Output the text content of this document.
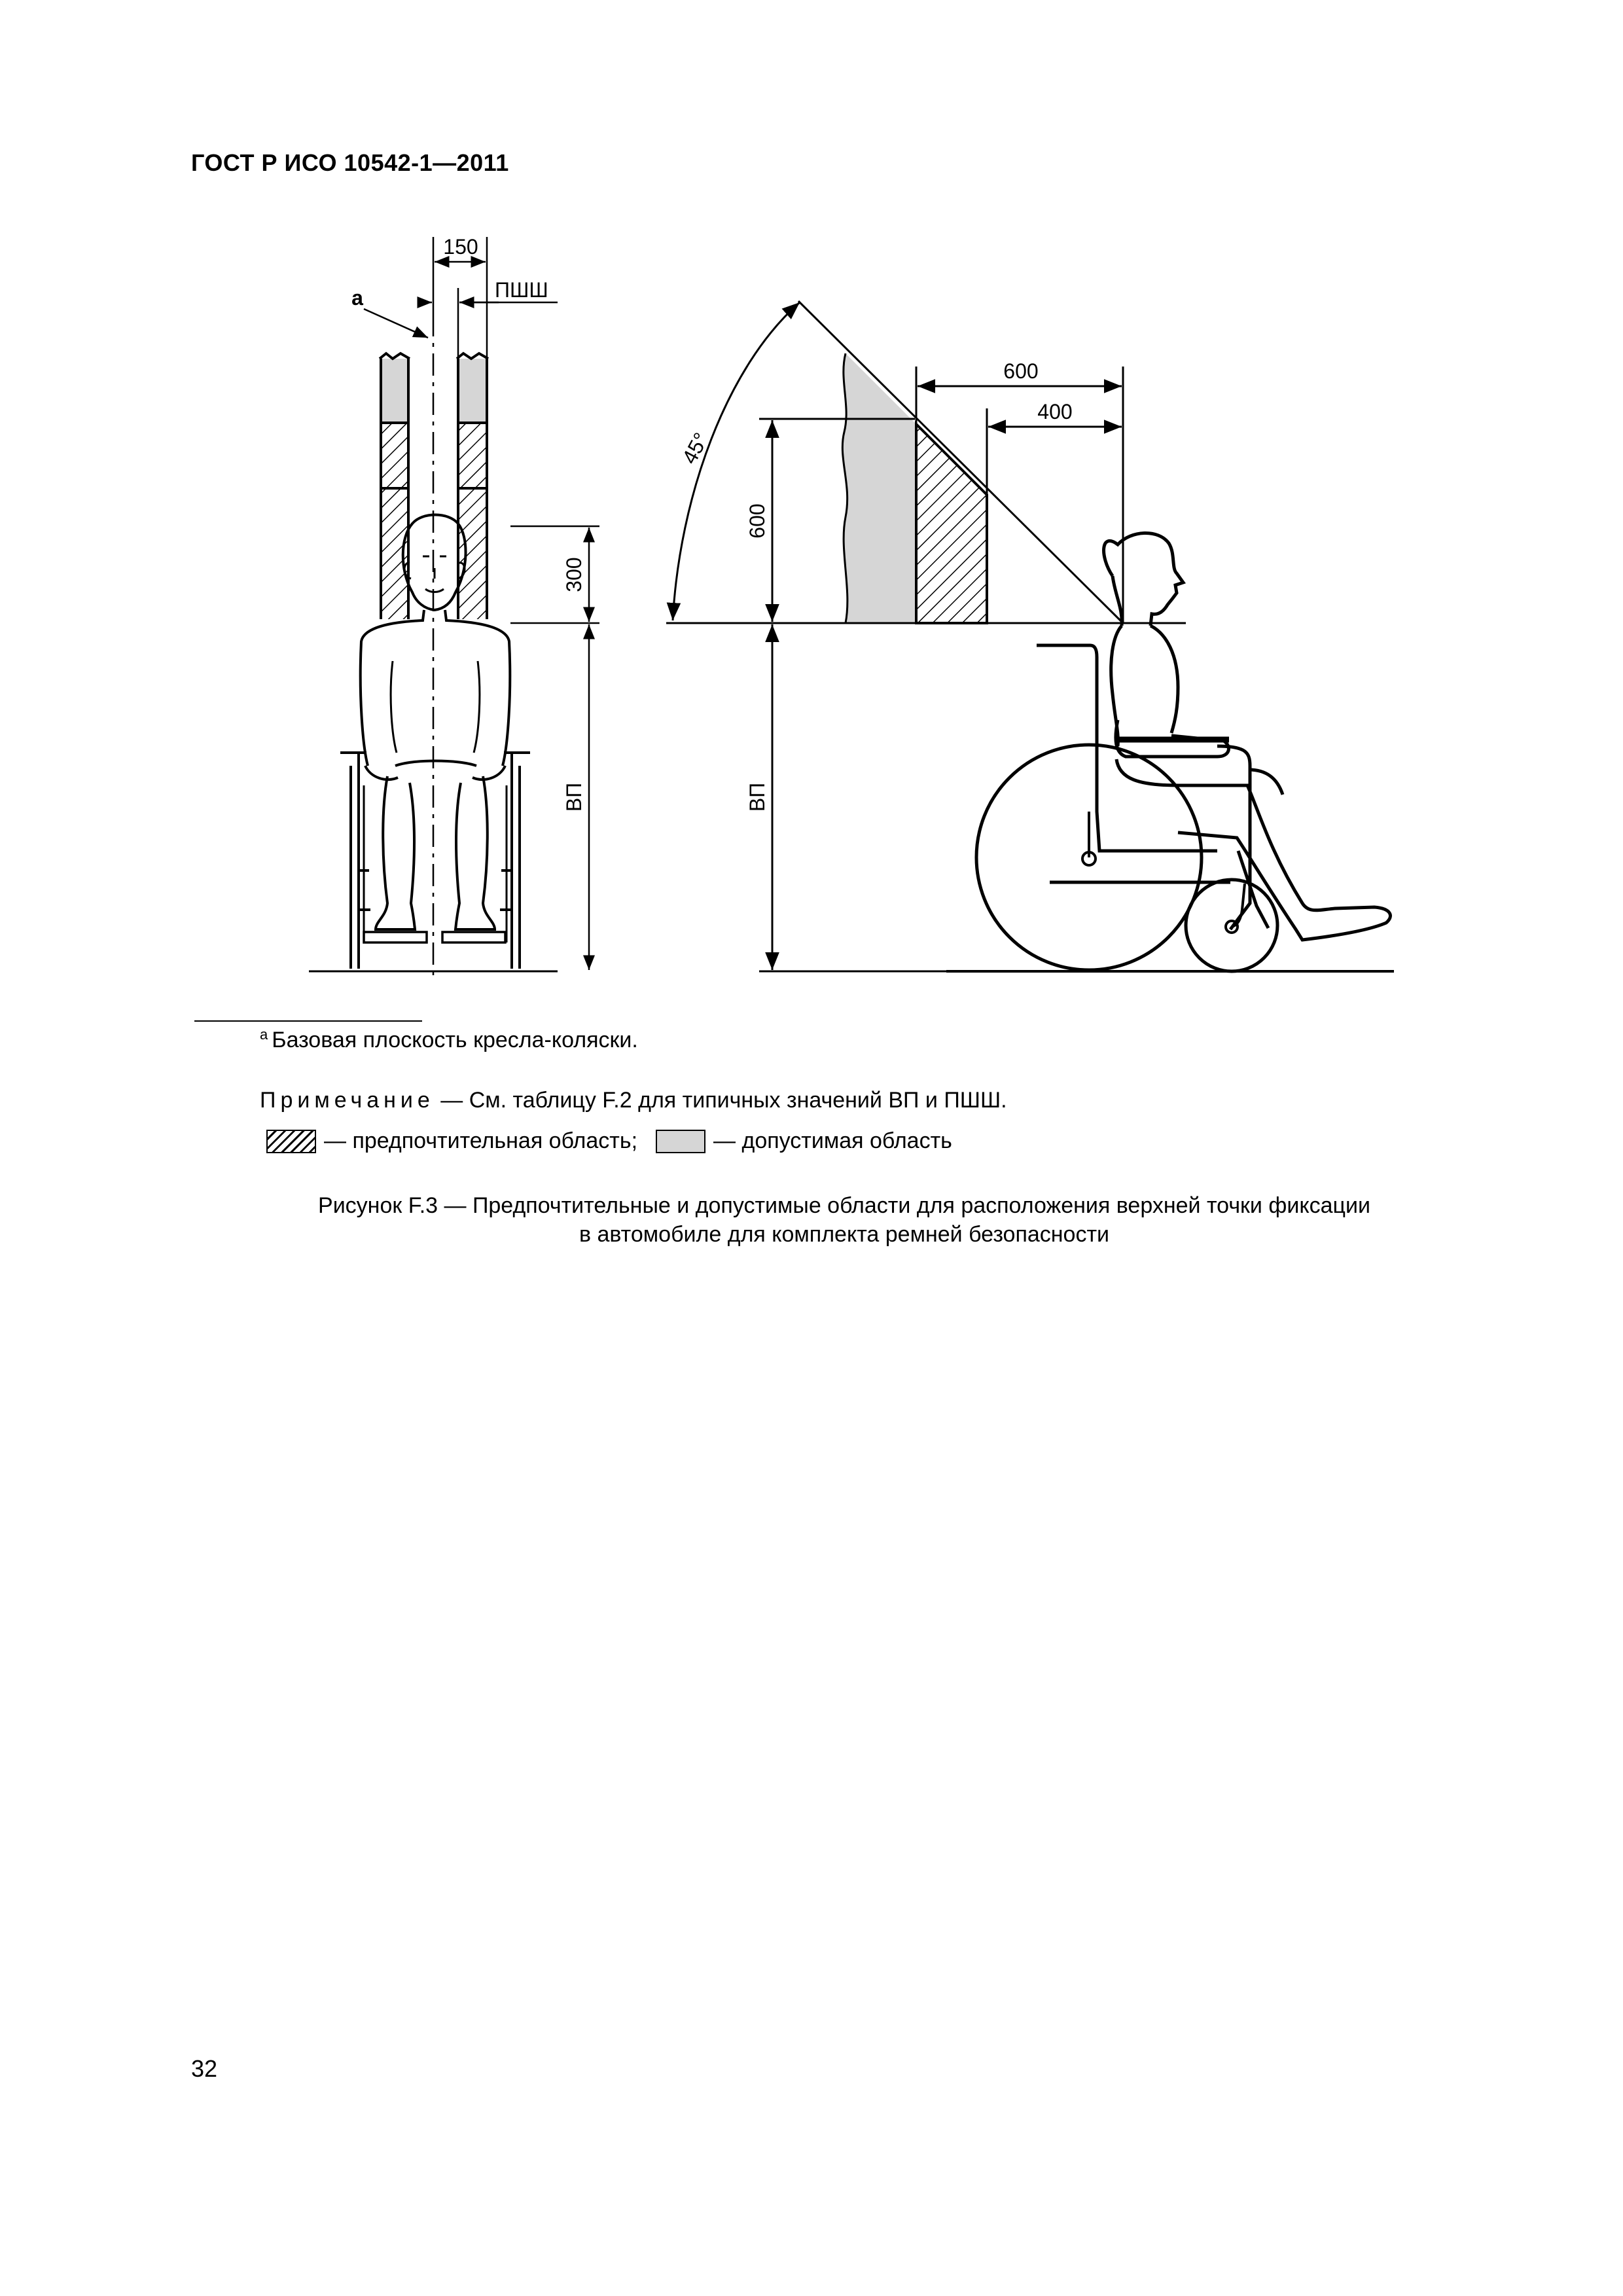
ГОСТ Р ИСО 10542-1—2011
150
а	ПШШ
300
ВП
45°
600
400
600
ВП
$^а$ Базовая плоскость кресла-коляски.
Примечание — См. таблицу F.2 для типичных значений ВП и ПШШ.
— предпочтительная область;	— допустимая область
Рисунок F.3 — Предпочтительные и допустимые области для расположения верхней точки фиксации
в автомобиле для комплекта ремней безопасности
32
